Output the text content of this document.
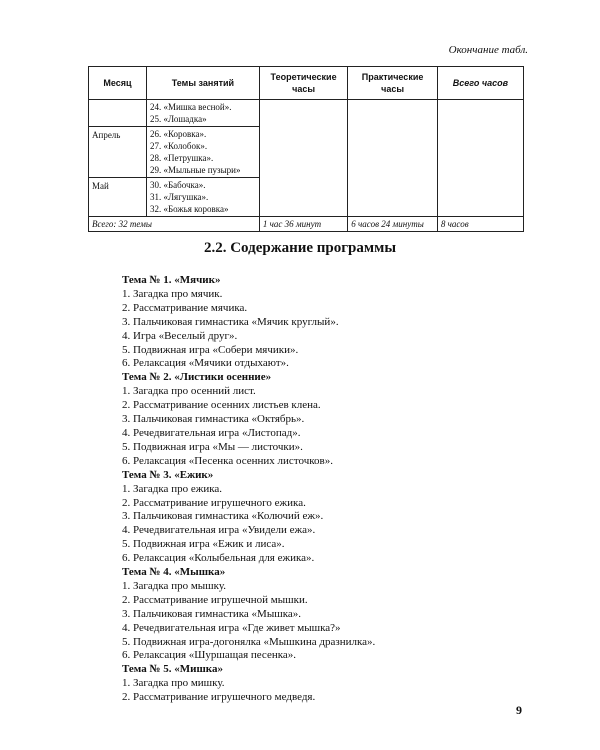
Окончание табл.
Месяц	Темы занятий	Теоретические часы	Практические часы	Всего часов

	24. «Мишка весной».
25. «Лошадка»			

Апрель	26. «Коровка».
27. «Колобок».
28. «Петрушка».
29. «Мыльные пузыри»			

Май	30. «Бабочка».
31. «Лягушка».
32. «Божья коровка»			

Всего: 32 темы		1 час 36 минут	6 часов 24 минуты	8 часов
2.2. Содержание программы
Тема № 1. «Мячик»
1. Загадка про мячик.
2. Рассматривание мячика.
3. Пальчиковая гимнастика «Мячик круглый».
4. Игра «Веселый друг».
5. Подвижная игра «Собери мячики».
6. Релаксация «Мячики отдыхают».
Тема № 2. «Листики осенние»
1. Загадка про осенний лист.
2. Рассматривание осенних листьев клена.
3. Пальчиковая гимнастика «Октябрь».
4. Речедвигательная игра «Листопад».
5. Подвижная игра «Мы — листочки».
6. Релаксация «Песенка осенних листочков».
Тема № 3. «Ежик»
1. Загадка про ежика.
2. Рассматривание игрушечного ежика.
3. Пальчиковая гимнастика «Колючий еж».
4. Речедвигательная игра «Увидели ежа».
5. Подвижная игра «Ежик и лиса».
6. Релаксация «Колыбельная для ежика».
Тема № 4. «Мышка»
1. Загадка про мышку.
2. Рассматривание игрушечной мышки.
3. Пальчиковая гимнастика «Мышка».
4. Речедвигательная игра «Где живет мышка?»
5. Подвижная игра-догонялка «Мышкина дразнилка».
6. Релаксация «Шуршащая песенка».
Тема № 5. «Мишка»
1. Загадка про мишку.
2. Рассматривание игрушечного медведя.
9
